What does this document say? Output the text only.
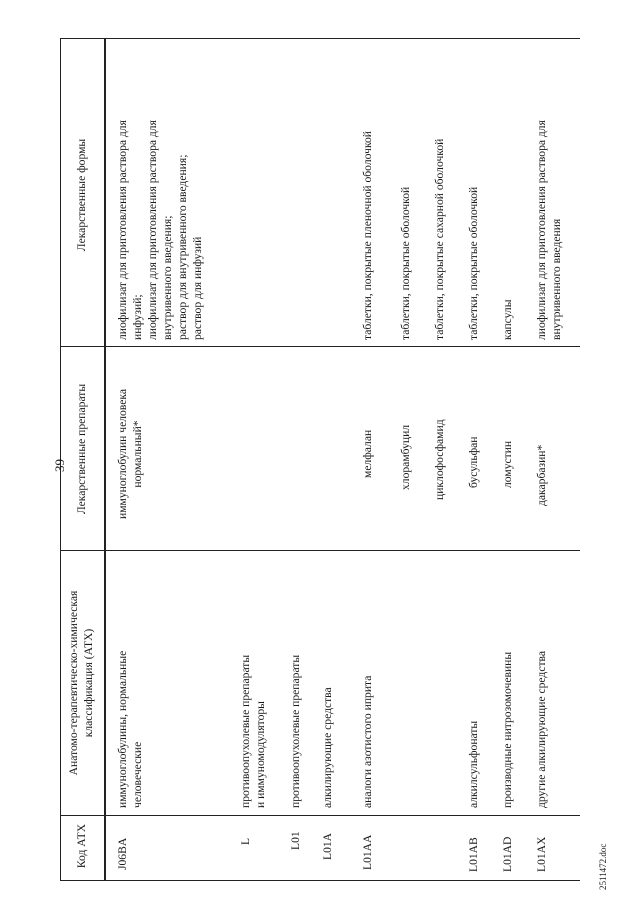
39
2511472.doc
Код АТХ
Анатомо-терапевтическо-химическая
классификация (АТХ)
Лекарственные препараты
Лекарственные формы
J06BA
иммуноглобулины, нормальные
человеческие
иммуноглобулин человека
нормальный*
лиофилизат для приготовления раствора для
инфузий;
лиофилизат для приготовления раствора для
внутривенного введения;
раствор для внутривенного введения;
раствор для инфузий
L
противоопухолевые препараты
и иммуномодуляторы
L01
противоопухолевые препараты
L01A
алкилирующие средства
L01AA
аналоги азотистого иприта
мелфалан
таблетки, покрытые пленочной оболочкой
хлорамбуцил
таблетки, покрытые оболочкой
циклофосфамид
таблетки, покрытые сахарной оболочкой
L01AB
алкилсульфонаты
бусульфан
таблетки, покрытые оболочкой
L01AD
производные нитрозомочевины
ломустин
капсулы
L01AX
другие алкилирующие средства
дакарбазин*
лиофилизат для приготовления раствора для
внутривенного введения
